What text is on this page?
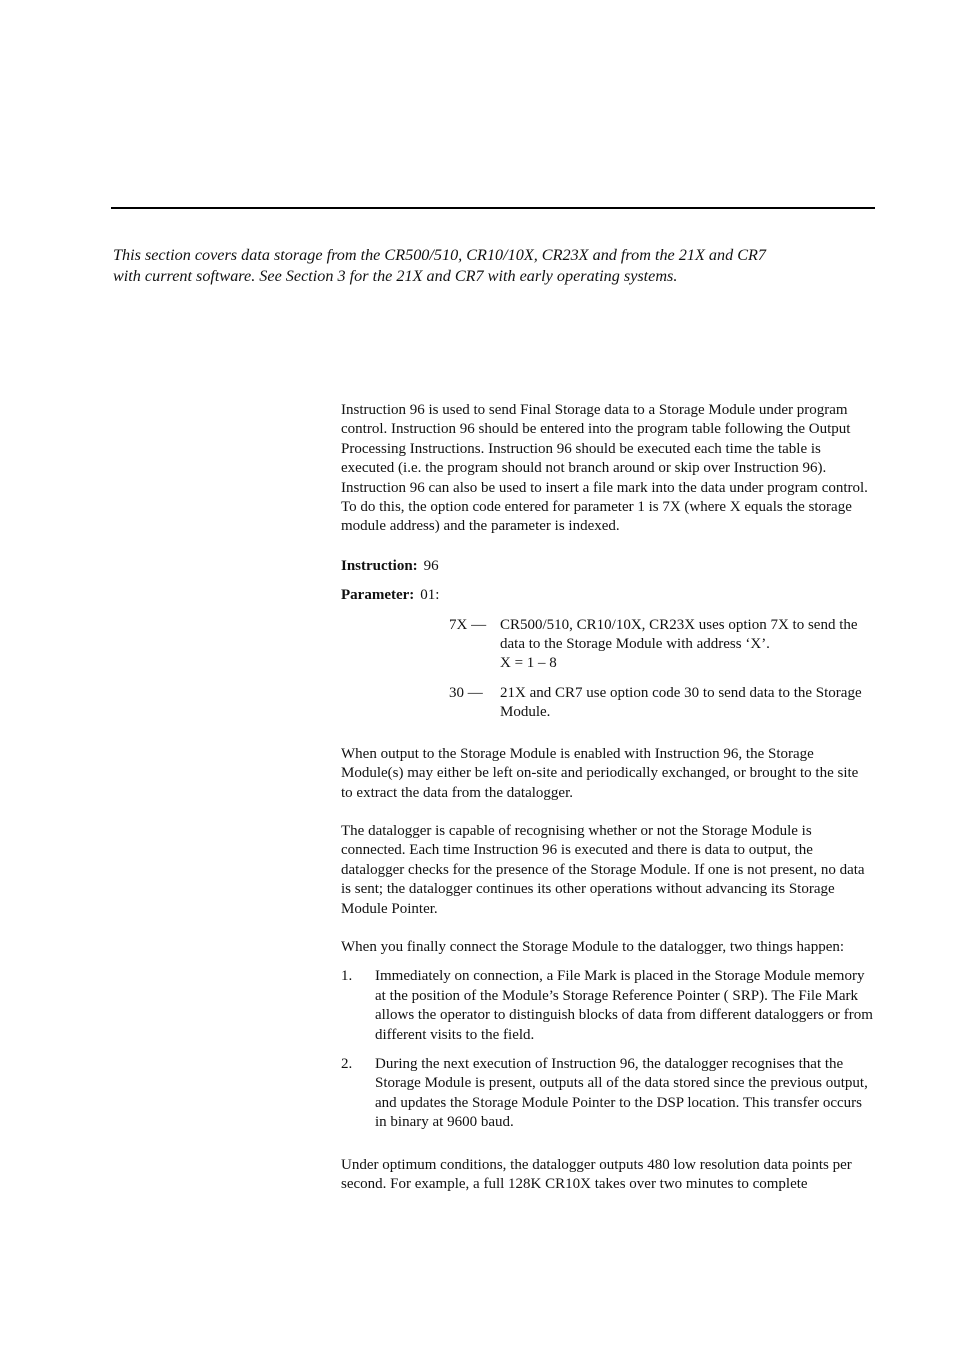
This section covers data storage from the CR500/510, CR10/10X, CR23X and from the 21X and CR7 with current software. See Section 3 for the 21X and CR7 with early operating systems.

Instruction 96 is used to send Final Storage data to a Storage Module under program control. Instruction 96 should be entered into the program table following the Output Processing Instructions. Instruction 96 should be executed each time the table is executed (i.e. the program should not branch around or skip over Instruction 96). Instruction 96 can also be used to insert a file mark into the data under program control. To do this, the option code entered for parameter 1 is 7X (where X equals the storage module address) and the parameter is indexed.

Instruction: 96

Parameter: 01:

7X — CR500/510, CR10/10X, CR23X uses option 7X to send the data to the Storage Module with address ‘X’.
X = 1 – 8
30 — 21X and CR7 use option code 30 to send data to the Storage Module.

When output to the Storage Module is enabled with Instruction 96, the Storage Module(s) may either be left on-site and periodically exchanged, or brought to the site to extract the data from the datalogger.

The datalogger is capable of recognising whether or not the Storage Module is connected. Each time Instruction 96 is executed and there is data to output, the datalogger checks for the presence of the Storage Module. If one is not present, no data is sent; the datalogger continues its other operations without advancing its Storage Module Pointer.

When you finally connect the Storage Module to the datalogger, two things happen:

1. Immediately on connection, a File Mark is placed in the Storage Module memory at the position of the Module’s Storage Reference Pointer ( SRP). The File Mark allows the operator to distinguish blocks of data from different dataloggers or from different visits to the field.
2. During the next execution of Instruction 96, the datalogger recognises that the Storage Module is present, outputs all of the data stored since the previous output, and updates the Storage Module Pointer to the DSP location. This transfer occurs in binary at 9600 baud.

Under optimum conditions, the datalogger outputs 480 low resolution data points per second. For example, a full 128K CR10X takes over two minutes to complete
